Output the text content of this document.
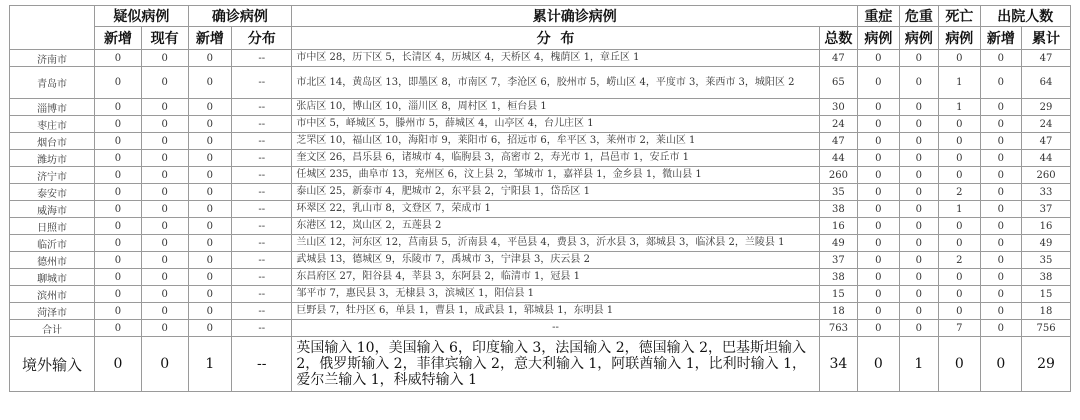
	疑似病例		确诊病例		累计确诊病例		重症	危重	死亡	出院人数	
	新增	现有	新增	分布	分  布	总数	病例	病例	病例	新增	累计
济南市	0	0	0	--	市中区 28，历下区 5，长清区 4，历城区 4，天桥区 4，槐荫区 1，章丘区 1	47	0	0	0	0	47
青岛市	0	0	0	--	市北区 14，黄岛区 13，即墨区 8，市南区 7，李沧区 6，胶州市 5，崂山区 4，平度市 3，莱西市 3，城阳区 2	65	0	0	1	0	64
淄博市	0	0	0	--	张店区 10，博山区 10，淄川区 8，周村区 1，桓台县 1	30	0	0	1	0	29
枣庄市	0	0	0	--	市中区 5，峄城区 5，滕州市 5，薛城区 4，山亭区 4，台儿庄区 1	24	0	0	0	0	24
烟台市	0	0	0	--	芝罘区 10，福山区 10，海阳市 9，莱阳市 6，招远市 6，牟平区 3，莱州市 2，莱山区 1	47	0	0	0	0	47
潍坊市	0	0	0	--	奎文区 26，昌乐县 6，诸城市 4，临朐县 3，高密市 2，寿光市 1，昌邑市 1，安丘市 1	44	0	0	0	0	44
济宁市	0	0	0	--	任城区 235，曲阜市 13，兖州区 6，汶上县 2，邹城市 1，嘉祥县 1，金乡县 1，微山县 1	260	0	0	0	0	260
泰安市	0	0	0	--	泰山区 25，新泰市 4，肥城市 2，东平县 2，宁阳县 1，岱岳区 1	35	0	0	2	0	33
威海市	0	0	0	--	环翠区 22，乳山市 8，文登区 7，荣成市 1	38	0	0	1	0	37
日照市	0	0	0	--	东港区 12，岚山区 2，五莲县 2	16	0	0	0	0	16
临沂市	0	0	0	--	兰山区 12，河东区 12，莒南县 5，沂南县 4，平邑县 4，费县 3，沂水县 3，郯城县 3，临沭县 2，兰陵县 1	49	0	0	0	0	49
德州市	0	0	0	--	武城县 13，德城区 9，乐陵市 7，禹城市 3，宁津县 3，庆云县 2	37	0	0	2	0	35
聊城市	0	0	0	--	东昌府区 27，阳谷县 4，莘县 3，东阿县 2，临清市 1，冠县 1	38	0	0	0	0	38
滨州市	0	0	0	--	邹平市 7，惠民县 3，无棣县 3，滨城区 1，阳信县 1	15	0	0	0	0	15
菏泽市	0	0	0	--	巨野县 7，牡丹区 6，单县 1，曹县 1，成武县 1，郓城县 1，东明县 1	18	0	0	0	0	18
合计	0	0	0	--	--	763	0	0	7	0	756
境外输入	0	0	1	--	英国输入 10，美国输入 6，印度输入 3，法国输入 2，德国输入 2，巴基斯坦输入 2，俄罗斯输入 2，菲律宾输入 2，意大利输入 1，阿联酋输入 1，比利时输入 1，爱尔兰输入 1，科威特输入 1	34	0	1	0	0	29
